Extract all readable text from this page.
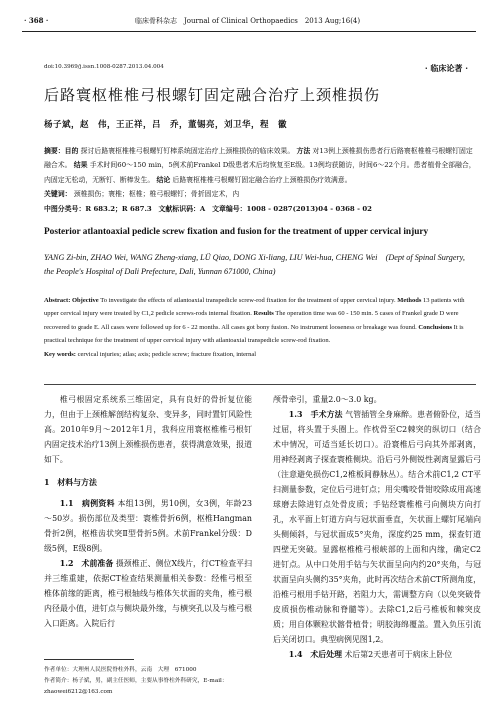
· 368 ·	临床骨科杂志　Journal of Clinical Orthopaedics　2013 Aug;16(4)
doi:10.3969/j.issn.1008-0287.2013.04.004	· 临床论著 ·
后路寰枢椎椎弓根螺钉固定融合治疗上颈椎损伤
杨子斌，赵　伟，王正祥，吕　乔，董锡亮，刘卫华，程　徽
摘要：目的 探讨后路寰枢椎椎弓根螺钉钉棒系统固定治疗上颈椎损伤的临床效果。 方法 对13例上颈椎损伤患者行后路寰枢椎椎弓根螺钉固定融合术。 结果 手术时间60～150 min，5例术前Frankel D级患者术后均恢复至E级。13例均获随访，时间6～22个月。患者植骨全部融合，内固定无松动，无断钉、断棒发生。 结论 后路寰枢椎椎弓根螺钉固定融合治疗上颈椎损伤疗效满意。
关键词： 颈椎损伤；寰椎；枢椎；椎弓根螺钉；骨折固定术，内
中图分类号：R 683.2；R 687.3　文献标识码：A　文章编号：1008 - 0287(2013)04 - 0368 - 02
Posterior atlantoaxial pedicle screw fixation and fusion for the treatment of upper cervical injury
YANG Zi-bin, ZHAO Wei, WANG Zheng-xiang, LÜ Qiao, DONG Xi-liang, LIU Wei-hua, CHENG Wei　(Dept of Spinal Surgery, the People's Hospital of Dali Prefecture, Dali, Yunnan 671000, China)
Abstract: Objective To investigate the effects of atlantoaxial transpedicle screw-rod fixation for the treatment of upper cervical injury. Methods 13 patients with upper cervical injury were treated by C1,2 pedicle screws-rods internal fixation. Results The operation time was 60 - 150 min. 5 cases of Frankel grade D were recovered to grade E. All cases were followed up for 6 - 22 months. All cases got bony fusion. No instrument looseness or breakage was found. Conclusions It is practical technique for the treatment of upper cervical injury with atlantoaxial transpedicle screw-rod fixation.
Key words: cervical injuries; atlas; axis; pedicle screw; fracture fixation, internal

椎弓根固定系统系三维固定，具有良好的骨折复位能力，但由于上颈椎解剖结构复杂、变异多，同时置钉风险性高。2010年9月～2012年1月，我科应用寰枢椎椎弓根钉内固定技术治疗13例上颈椎损伤患者，获得满意效果，报道如下。

1　材料与方法

1.1　病例资料 本组13例，男10例，女3例，年龄23～50岁。损伤部位及类型：寰椎骨折6例，枢椎Hangman骨折2例，枢椎齿状突Ⅱ型骨折5例。术前Frankel分级：D级5例，E级8例。

1.2　术前准备 摄颈椎正、侧位X线片，行CT检查平扫并三维重建，依据CT检查结果测量相关参数：经椎弓根至椎体前缘的距离，椎弓根轴线与椎体矢状面的夹角，椎弓根内径最小值，进钉点与侧块最外缘，与横突孔以及与椎弓根入口距离。入院后行

颅骨牵引，重量2.0～3.0 kg。

1.3　手术方法 气管插管全身麻醉。患者俯卧位，适当过屈，将头置于头圈上。作枕骨至C2棘突的纵切口（结合术中情况，可适当延长切口）。沿寰椎后弓向其外部剥离，用神经剥离子探查寰椎侧块。沿后弓外侧锐性剥离显露后弓（注意避免损伤C1,2椎板间静脉丛）。结合术前C1,2 CT平扫测量参数，定位后弓进钉点；用尖嘴咬骨钳咬除成用高速球磨去除进钉点处骨皮质；手钻经寰椎椎弓向侧块方向打孔，水平面上钉道方向与冠状面垂直，矢状面上螺钉尾端向头侧倾斜，与冠状面成5°夹角，深度约25 mm，探查钉道四壁无突破。显露枢椎椎弓根峡部的上面和内缘，确定C2进钉点。从中口处用手钻与矢状面呈向内约20°夹角，与冠状面呈向头侧约35°夹角，此时再次结合术前CT所测角度，沿椎弓根用手钻开路，若阻力大，需调整方向（以免突破骨皮质损伤椎动脉和脊髓等）。去除C1,2后弓椎板和棘突皮质；用自体颗粒状髂骨植骨；明胶海绵覆盖。置入负压引流后关闭切口。典型病例见图1,2。

1.4　术后处理 术后第2天患者可于病床上卧位

作者单位：大理州人民医院脊柱外科，云南　大理　671000
作者简介：杨子斌，男，副主任医师，主要从事脊柱外科研究，E-mail：zhaowei6212@163.com
